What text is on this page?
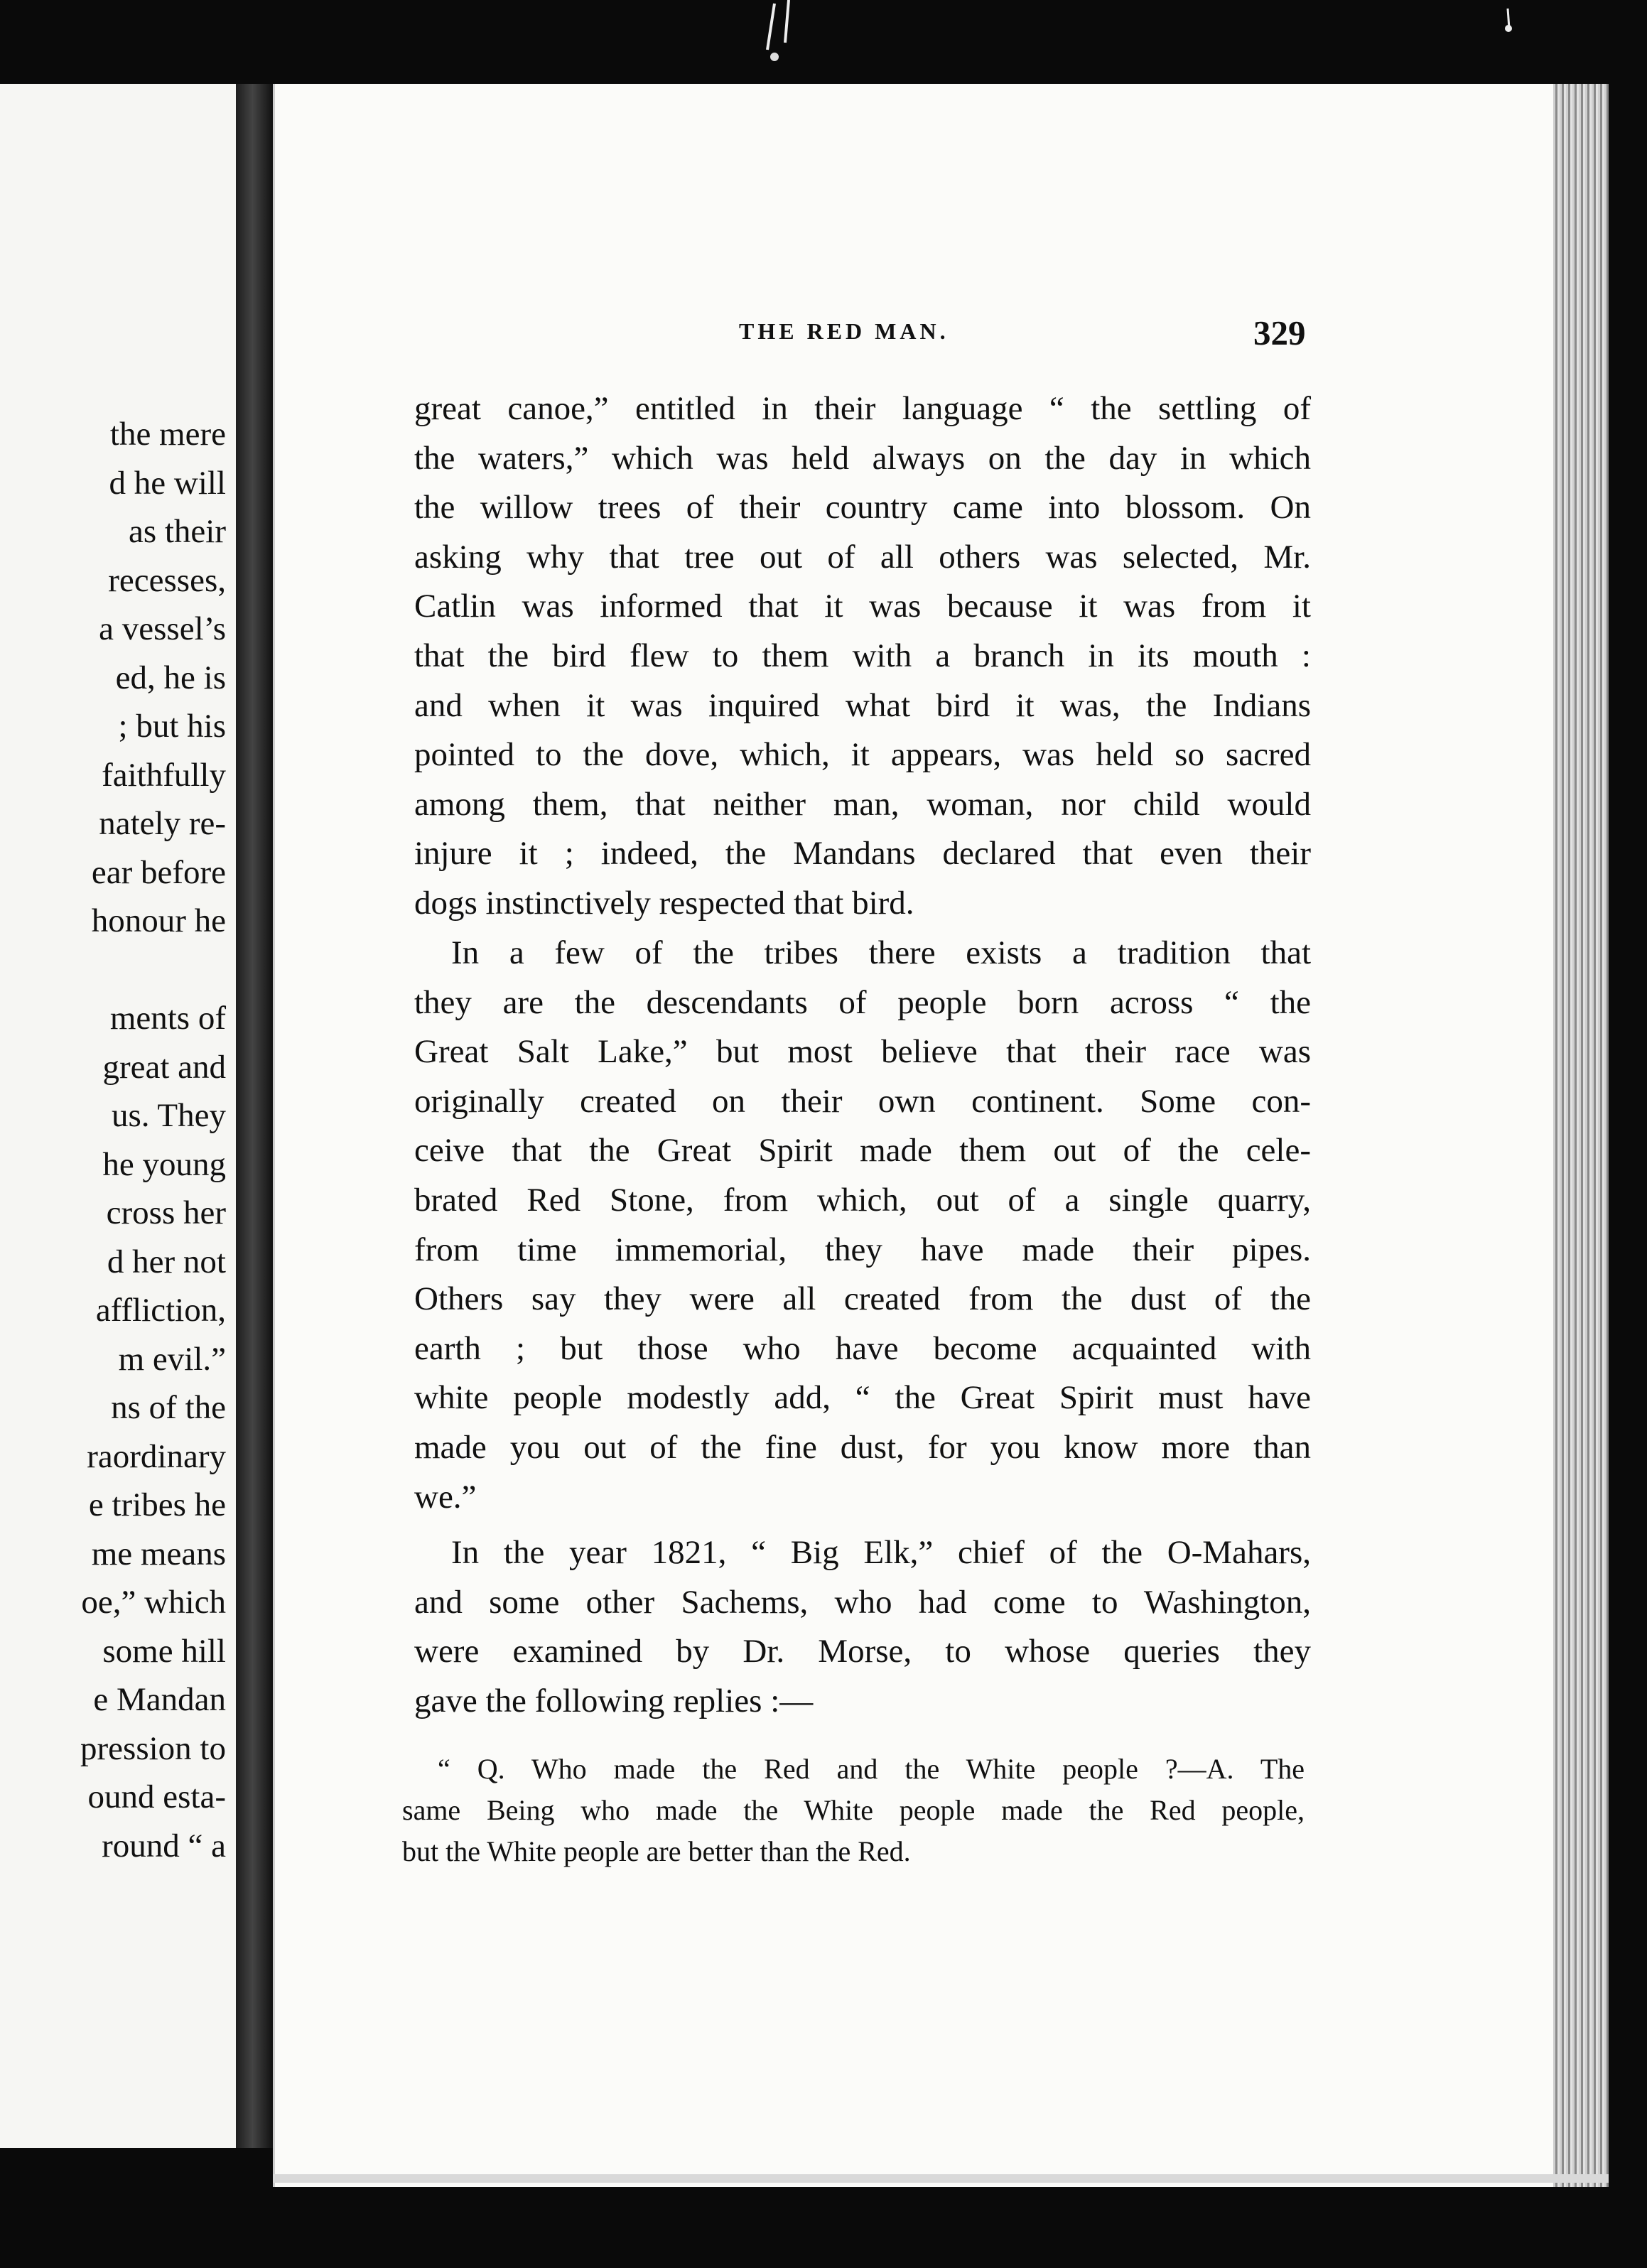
the mere
d he will
as their
recesses,
a vessel’s
ed, he is
; but his
faithfully
nately re-
ear before
honour he
ments of
great and
us. They
he young
cross her
d her not
affliction,
m evil.”
ns of the
raordinary
e tribes he
me means
oe,” which
some hill
e Mandan
pression to
ound esta-
round “ a
THE RED MAN.	329
great canoe,” entitled in their language “ the settling of
the waters,” which was held always on the day in which
the willow trees of their country came into blossom. On
asking why that tree out of all others was selected, Mr.
Catlin was informed that it was because it was from it
that the bird flew to them with a branch in its mouth :
and when it was inquired what bird it was, the Indians
pointed to the dove, which, it appears, was held so sacred
among them, that neither man, woman, nor child would
injure it ; indeed, the Mandans declared that even their
dogs instinctively respected that bird.
In a few of the tribes there exists a tradition that
they are the descendants of people born across “ the
Great Salt Lake,” but most believe that their race was
originally created on their own continent. Some con-
ceive that the Great Spirit made them out of the cele-
brated Red Stone, from which, out of a single quarry,
from time immemorial, they have made their pipes.
Others say they were all created from the dust of the
earth ; but those who have become acquainted with
white people modestly add, “ the Great Spirit must have
made you out of the fine dust, for you know more than
we.”
In the year 1821, “ Big Elk,” chief of the O-Mahars,
and some other Sachems, who had come to Washington,
were examined by Dr. Morse, to whose queries they
gave the following replies :—
“ Q. Who made the Red and the White people ?—A. The
same Being who made the White people made the Red people,
but the White people are better than the Red.
